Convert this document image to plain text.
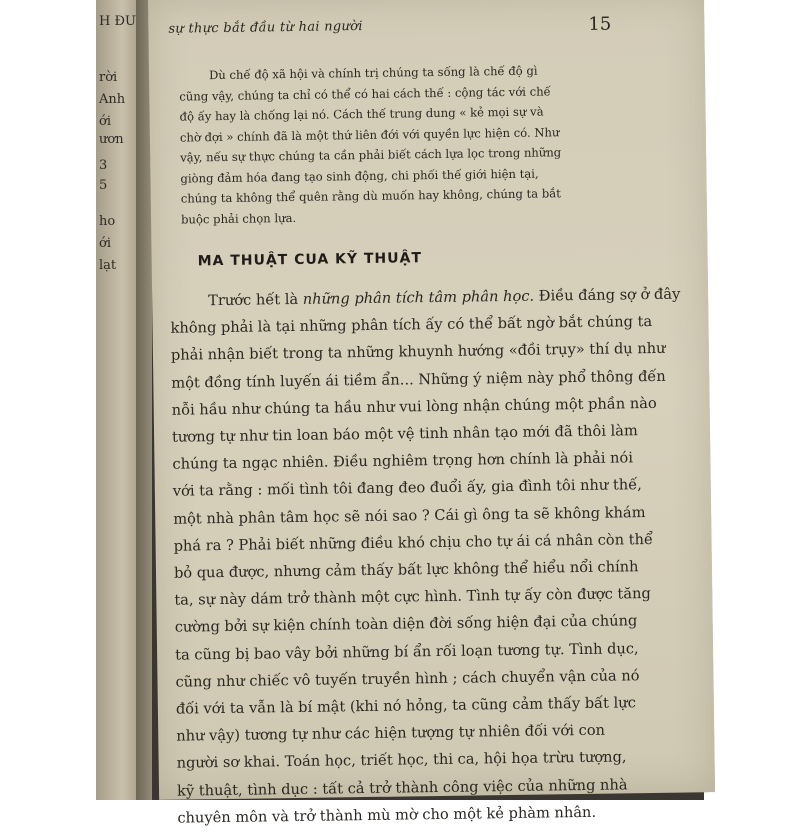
H ĐƯ
rời
Anh
ới
ươn
3
5
ho
ới
lạt
sự thực bắt đầu từ hai người	15
Dù chế độ xã hội và chính trị chúng ta sống là chế độ gì
cũng vậy, chúng ta chỉ có thể có hai cách thế : cộng tác với chế
độ ấy hay là chống lại nó. Cách thế trung dung « kẻ mọi sự và
chờ đợi » chính đã là một thứ liên đới với quyền lực hiện có. Như
vậy, nếu sự thực chúng ta cần phải biết cách lựa lọc trong những
giòng đảm hóa đang tạo sinh động, chi phối thế giới hiện tại,
chúng ta không thể quên rằng dù muốn hay không, chúng ta bắt
buộc phải chọn lựa.
MA THUẬT CUA KỸ THUẬT
Trước hết là những phân tích tâm phân học. Điều đáng sợ ở đây
không phải là tại những phân tích ấy có thể bất ngờ bắt chúng ta
phải nhận biết trong ta những khuynh hướng «đồi trụy» thí dụ như
một đồng tính luyến ái tiềm ẩn... Những ý niệm này phổ thông đến
nỗi hầu như chúng ta hầu như vui lòng nhận chúng một phần nào
tương tự như tin loan báo một vệ tinh nhân tạo mới đã thôi làm
chúng ta ngạc nhiên. Điều nghiêm trọng hơn chính là phải nói
với ta rằng : mối tình tôi đang đeo đuổi ấy, gia đình tôi như thế,
một nhà phân tâm học sẽ nói sao ? Cái gì ông ta sẽ không khám
phá ra ? Phải biết những điều khó chịu cho tự ái cá nhân còn thể
bỏ qua được, nhưng cảm thấy bất lực không thể hiểu nổi chính
ta, sự này dám trở thành một cực hình. Tình tự ấy còn được tăng
cường bởi sự kiện chính toàn diện đời sống hiện đại của chúng
ta cũng bị bao vây bởi những bí ẩn rối loạn tương tự. Tình dục,
cũng như chiếc vô tuyến truyền hình ; cách chuyển vận của nó
đối với ta vẫn là bí mật (khi nó hỏng, ta cũng cảm thấy bất lực
như vậy) tương tự như các hiện tượng tự nhiên đối với con
người sơ khai. Toán học, triết học, thi ca, hội họa trừu tượng,
kỹ thuật, tình dục : tất cả trở thành công việc của những nhà
chuyên môn và trở thành mù mờ cho một kẻ phàm nhân.
